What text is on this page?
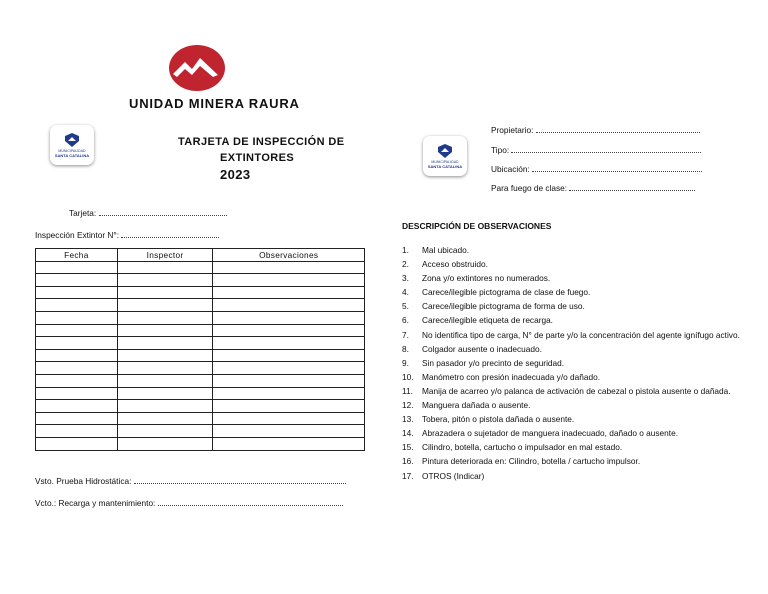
UNIDAD MINERA RAURA
MUNICIPALIDAD
SANTA CATALINA
TARJETA DE INSPECCIÓN DE
EXTINTORES
2023
Tarjeta:
Inspección Extintor N°:
Fecha	Inspector	Observaciones

Vsto. Prueba Hidrostática:
Vcto.: Recarga y mantenimiento:
MUNICIPALIDAD
SANTA CATALINA
Propietario:
Tipo:
Ubicación:
Para fuego de clase:
DESCRIPCIÓN DE OBSERVACIONES
1.	Mal ubicado.
2.	Acceso obstruido.
3.	Zona y/o extintores no numerados.
4.	Carece/ilegible pictograma de clase de fuego.
5.	Carece/ilegible pictograma de forma de uso.
6.	Carece/ilegible etiqueta de recarga.
7.	No identifica tipo de carga, N° de parte y/o la concentración del agente ignífugo activo.
8.	Colgador ausente o inadecuado.
9.	Sin pasador y/o precinto de seguridad.
10.	Manómetro con presión inadecuada y/o dañado.
11.	Manija de acarreo y/o palanca de activación de cabezal o pistola ausente o dañada.
12.	Manguera dañada o ausente.
13.	Tobera, pitón o pistola dañada o ausente.
14.	Abrazadera o sujetador de manguera inadecuado, dañado o ausente.
15.	Cilindro, botella, cartucho o impulsador en mal estado.
16.	Pintura deteriorada en: Cilindro, botella / cartucho impulsor.
17.	OTROS (Indicar)
